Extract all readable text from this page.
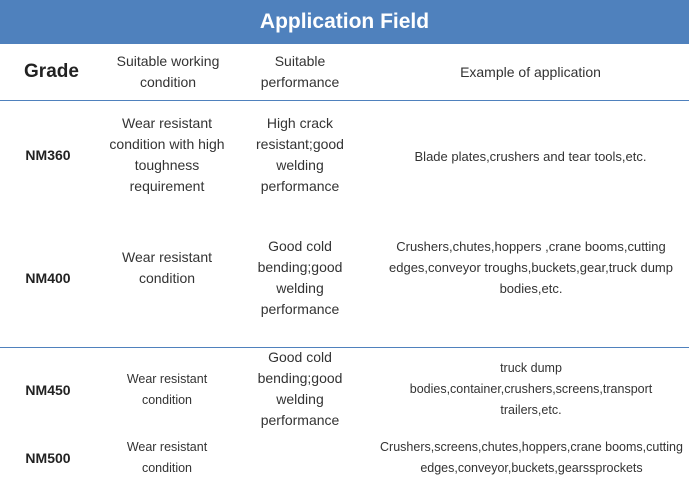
Application Field
Grade	Suitable working condition
Suitable performance
Example of application
NM360
Wear resistant condition with high toughness requirement
High crack resistant;good welding performance
Blade plates,crushers and tear tools,etc.
NM400
Wear resistant condition
Good cold bending;good welding performance
Crushers,chutes,hoppers ,crane booms,cutting edges,conveyor troughs,buckets,gear,truck dump bodies,etc.
NM450
Wear resistant condition
Good cold bending;good welding performance
truck dump bodies,container,crushers,screens,transport trailers,etc.
NM500
Wear resistant condition
Crushers,screens,chutes,hoppers,crane booms,cutting edges,conveyor,buckets,gearssprockets
